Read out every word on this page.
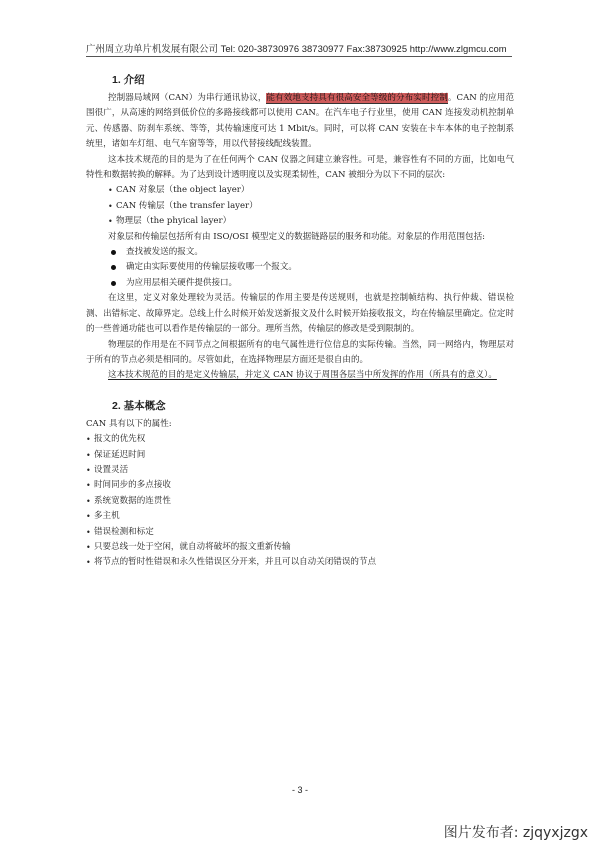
广州周立功单片机发展有限公司 Tel: 020-38730976 38730977 Fax:38730925 http://www.zlgmcu.com
1. 介绍

控制器局域网（CAN）为串行通讯协议，能有效地支持具有很高安全等级的分布实时控制。CAN 的应用范围很广，从高速的网络到低价位的多路接线都可以使用 CAN。在汽车电子行业里，使用 CAN 连接发动机控制单元、传感器、防刹车系统、等等，其传输速度可达 1 Mbit/s。同时，可以将 CAN 安装在卡车本体的电子控制系统里，诸如车灯组、电气车窗等等，用以代替接线配线装置。

这本技术规范的目的是为了在任何两个 CAN 仪器之间建立兼容性。可是，兼容性有不同的方面，比如电气特性和数据转换的解释。为了达到设计透明度以及实现柔韧性，CAN 被细分为以下不同的层次:

• CAN 对象层（the object layer）
• CAN 传输层（the transfer layer）
• 物理层（the phyical layer）

对象层和传输层包括所有由 ISO/OSI 模型定义的数据链路层的服务和功能。对象层的作用范围包括:

查找被发送的报文。
确定由实际要使用的传输层接收哪一个报文。
为应用层相关硬件提供接口。

在这里，定义对象处理较为灵活。传输层的作用主要是传送规则，也就是控制帧结构、执行仲裁、错误检测、出错标定、故障界定。总线上什么时候开始发送新报文及什么时候开始接收报文，均在传输层里确定。位定时的一些普通功能也可以看作是传输层的一部分。理所当然，传输层的修改是受到限制的。

物理层的作用是在不同节点之间根据所有的电气属性进行位信息的实际传输。当然，同一网络内，物理层对于所有的节点必须是相同的。尽管如此，在选择物理层方面还是很自由的。

这本技术规范的目的是定义传输层，并定义 CAN 协议于周围各层当中所发挥的作用（所具有的意义）。

2. 基本概念

CAN 具有以下的属性:

• 报文的优先权
• 保证延迟时间
• 设置灵活
• 时间同步的多点接收
• 系统宽数据的连贯性
• 多主机
• 错误检测和标定
• 只要总线一处于空闲，就自动将破坏的报文重新传输
• 将节点的暂时性错误和永久性错误区分开来，并且可以自动关闭错误的节点
- 3 -
图片发布者: zjqyxjzgx
